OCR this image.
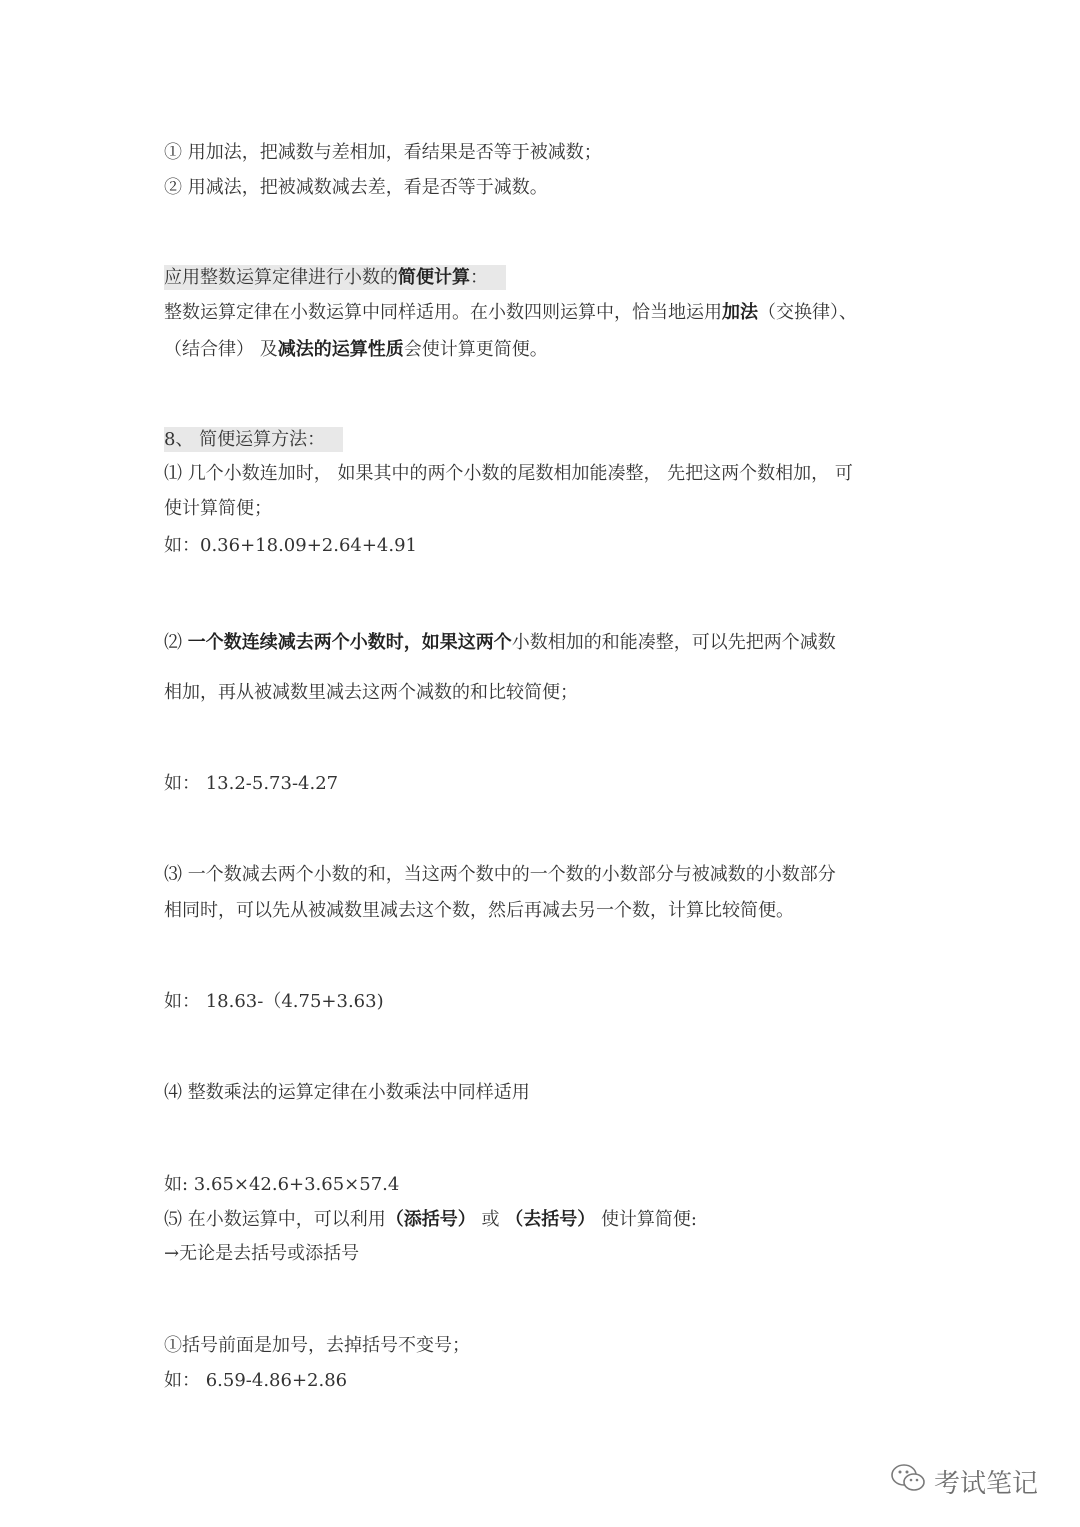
① 用加法，把减数与差相加，看结果是否等于被减数；

② 用减法，把被减数减去差，看是否等于减数。

应用整数运算定律进行小数的简便计算：

整数运算定律在小数运算中同样适用。在小数四则运算中，恰当地运用加法（交换律）、

（结合律） 及减法的运算性质会使计算更简便。

8、 简便运算方法：

⑴ 几个小数连加时， 如果其中的两个小数的尾数相加能凑整， 先把这两个数相加， 可

使计算简便；

如：0.36+18.09+2.64+4.91

⑵ 一个数连续减去两个小数时，如果这两个小数相加的和能凑整，可以先把两个减数

相加，再从被减数里减去这两个减数的和比较简便；

如： 13.2-5.73-4.27

⑶ 一个数减去两个小数的和，当这两个数中的一个数的小数部分与被减数的小数部分

相同时，可以先从被减数里减去这个数，然后再减去另一个数，计算比较简便。

如： 18.63-（4.75+3.63)

⑷ 整数乘法的运算定律在小数乘法中同样适用

如: 3.65×42.6+3.65×57.4

⑸ 在小数运算中，可以利用（添括号） 或 （去括号） 使计算简便:

→无论是去括号或添括号

①括号前面是加号，去掉括号不变号；

如： 6.59-4.86+2.86

考试笔记
